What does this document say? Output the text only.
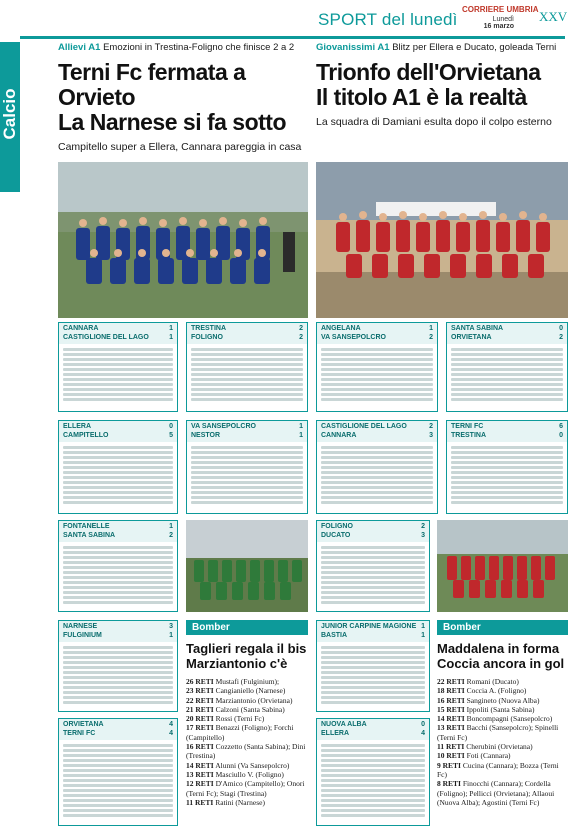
SPORT del lunedì
CORRIERE UMBRIA
Lunedì
16 marzo
XXV
Calcio
Allievi A1 Emozioni in Trestina-Foligno che finisce 2 a 2
Terni Fc fermata a Orvieto
La Narnese si fa sotto
Campitello super a Ellera, Cannara pareggia in casa
Giovanissimi A1 Blitz per Ellera e Ducato, goleada Terni
Trionfo dell'Orvietana
Il titolo A1 è la realtà
La squadra di Damiani esulta dopo il colpo esterno
CANNARA	1
CASTIGLIONE DEL LAGO	1
TRESTINA	2
FOLIGNO	2
ELLERA	0
CAMPITELLO	5
VA SANSEPOLCRO	1
NESTOR	1
FONTANELLE	1
SANTA SABINA	2
NARNESE	3
FULGINIUM	1
ORVIETANA	4
TERNI FC	4
ANGELANA	1
VA SANSEPOLCRO	2
SANTA SABINA	0
ORVIETANA	2
CASTIGLIONE DEL LAGO	2
CANNARA	3
TERNI FC	6
TRESTINA	0
FOLIGNO	2
DUCATO	3
JUNIOR CARPINE MAGIONE 1
BASTIA	1
NUOVA ALBA	0
ELLERA	4
Bomber
Taglieri regala il bis Marziantonio c'è
26 RETI Mustafi (Fulginium);
23 RETI Cangianiello (Narnese)
22 RETI Marziantonio (Orvietana)
21 RETI Calzoni (Santa Sabina)
20 RETI Rossi (Terni Fc)
17 RETI Benazzi (Foligno); Forchi (Campitello)
16 RETI Cozzetto (Santa Sabina); Dini (Trestina)
14 RETI Alunni (Va Sansepolcro)
13 RETI Masciullo V. (Foligno)
12 RETI D'Amico (Campitello); Onori (Terni Fc); Stagi (Trestina)
11 RETI Ratini (Narnese)
Bomber
Maddalena in forma Coccia ancora in gol
22 RETI Romani (Ducato)
18 RETI Coccia A. (Foligno)
16 RETI Sangineto (Nuova Alba)
15 RETI Ippoliti (Santa Sabina)
14 RETI Boncompagni (Sansepolcro)
13 RETI Bacchi (Sansepolcro); Spinelli (Terni Fc)
11 RETI Cherubini (Orvietana)
10 RETI Foti (Cannara)
9 RETI Cucina (Cannara); Bozza (Terni Fc)
8 RETI Finocchi (Cannara); Cordella (Foligno); Pellicci (Orvietana); Allaoui (Nuova Alba); Agostini (Terni Fc)
